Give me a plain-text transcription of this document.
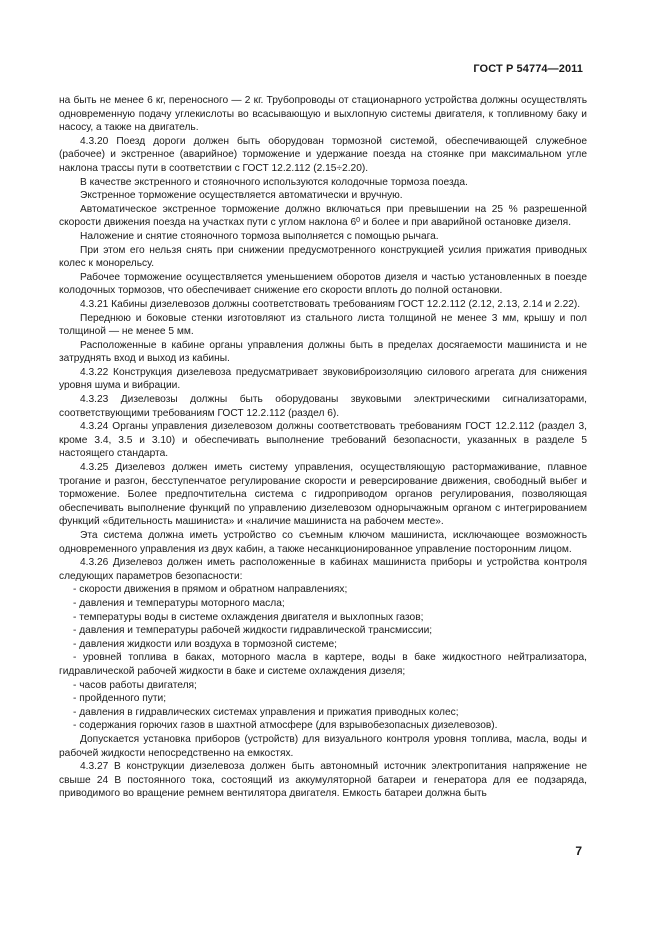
ГОСТ Р 54774—2011

на быть не менее 6 кг, переносного — 2 кг. Трубопроводы от стационарного устройства должны осуществлять одновременную подачу углекислоты во всасывающую и выхлопную системы двигателя, к топливному баку и насосу, а также на двигатель.

4.3.20 Поезд дороги должен быть оборудован тормозной системой, обеспечивающей служебное (рабочее) и экстренное (аварийное) торможение и удержание поезда на стоянке при максимальном угле наклона трассы пути в соответствии с ГОСТ 12.2.112 (2.15÷2.20).

В качестве экстренного и стояночного используются колодочные тормоза поезда.

Экстренное торможение осуществляется автоматически и вручную.

Автоматическое экстренное торможение должно включаться при превышении на 25 % разрешенной скорости движения поезда на участках пути с углом наклона $6^0$ и более и при аварийной остановке дизеля.

Наложение и снятие стояночного тормоза выполняется с помощью рычага.

При этом его нельзя снять при снижении предусмотренного конструкцией усилия прижатия приводных колес к монорельсу.

Рабочее торможение осуществляется уменьшением оборотов дизеля и частью установленных в поезде колодочных тормозов, что обеспечивает снижение его скорости вплоть до полной остановки.

4.3.21 Кабины дизелевозов должны соответствовать требованиям ГОСТ 12.2.112 (2.12, 2.13, 2.14 и 2.22).

Переднюю и боковые стенки изготовляют из стального листа толщиной не менее 3 мм, крышу и пол толщиной — не менее 5 мм.

Расположенные в кабине органы управления должны быть в пределах досягаемости машиниста и не затруднять вход и выход из кабины.

4.3.22 Конструкция дизелевоза предусматривает звуковиброизоляцию силового агрегата для снижения уровня шума и вибрации.

4.3.23 Дизелевозы должны быть оборудованы звуковыми электрическими сигнализаторами, соответствующими требованиям ГОСТ 12.2.112 (раздел 6).

4.3.24 Органы управления дизелевозом должны соответствовать требованиям ГОСТ 12.2.112 (раздел 3, кроме 3.4, 3.5 и 3.10) и обеспечивать выполнение требований безопасности, указанных в разделе 5 настоящего стандарта.

4.3.25 Дизелевоз должен иметь систему управления, осуществляющую растормаживание, плавное трогание и разгон, бесступенчатое регулирование скорости и реверсирование движения, свободный выбег и торможение. Более предпочтительна система с гидроприводом органов регулирования, позволяющая обеспечивать выполнение функций по управлению дизелевозом однорычажным органом с интегрированием функций «бдительность машиниста» и «наличие машиниста на рабочем месте».

Эта система должна иметь устройство со съемным ключом машиниста, исключающее возможность одновременного управления из двух кабин, а также несанкционированное управление посторонним лицом.

4.3.26 Дизелевоз должен иметь расположенные в кабинах машиниста приборы и устройства контроля следующих параметров безопасности:

- скорости движения в прямом и обратном направлениях;

- давления и температуры моторного масла;

- температуры воды в системе охлаждения двигателя и выхлопных газов;

- давления и температуры рабочей жидкости гидравлической трансмиссии;

- давления жидкости или воздуха в тормозной системе;

- уровней топлива в баках, моторного масла в картере, воды в баке жидкостного нейтрализатора, гидравлической рабочей жидкости в баке и системе охлаждения дизеля;

- часов работы двигателя;

- пройденного пути;

- давления в гидравлических системах управления и прижатия приводных колес;

- содержания горючих газов в шахтной атмосфере (для взрывобезопасных дизелевозов).

Допускается установка приборов (устройств) для визуального контроля уровня топлива, масла, воды и рабочей жидкости непосредственно на емкостях.

4.3.27 В конструкции дизелевоза должен быть автономный источник электропитания напряжение не свыше 24 В постоянного тока, состоящий из аккумуляторной батареи и генератора для ее подзаряда, приводимого во вращение ремнем вентилятора двигателя. Емкость батареи должна быть

7
